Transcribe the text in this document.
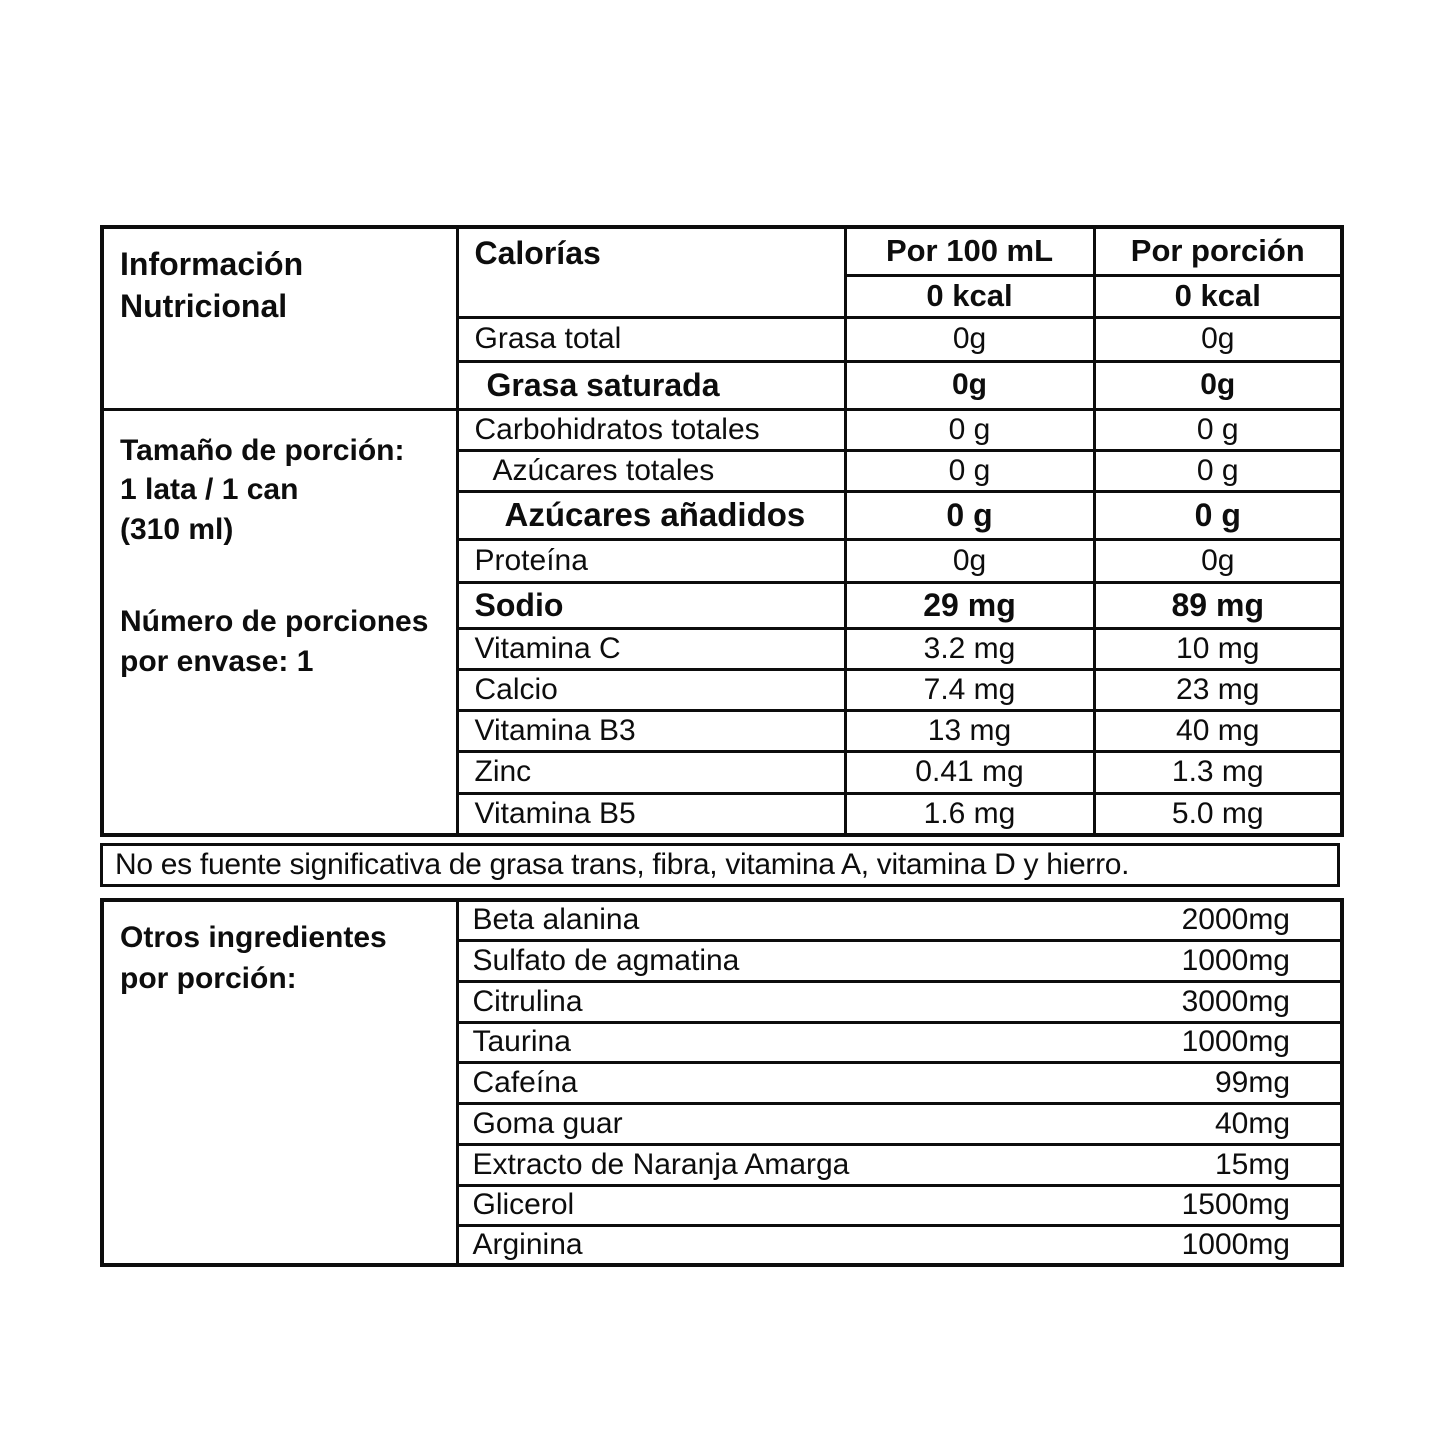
Información Nutricional	Calorías	Por 100 mL	Por porción
		0 kcal	0 kcal
	Grasa total	0g	0g
	Grasa saturada	0g	0g

Tamaño de porción:
1 lata / 1 can
(310 ml)
Número de porciones
por envase: 1	Carbohidratos totales	0 g	0 g
	Azúcares totales	0 g	0 g
	Azúcares añadidos	0 g	0 g
	Proteína	0g	0g
	Sodio	29 mg	89 mg
	Vitamina C	3.2 mg	10 mg
	Calcio	7.4 mg	23 mg
	Vitamina B3	13 mg	40 mg
	Zinc	0.41 mg	1.3 mg
	Vitamina B5	1.6 mg	5.0 mg
No es fuente significativa de grasa trans, fibra, vitamina A, vitamina D y hierro.
Otros ingredientes
por porción:

Beta alanina	2000mg

Sulfato de agmatina	1000mg

Citrulina	3000mg

Taurina	1000mg

Cafeína	99mg

Goma guar	40mg

Extracto de Naranja Amarga	15mg

Glicerol	1500mg

Arginina	1000mg
